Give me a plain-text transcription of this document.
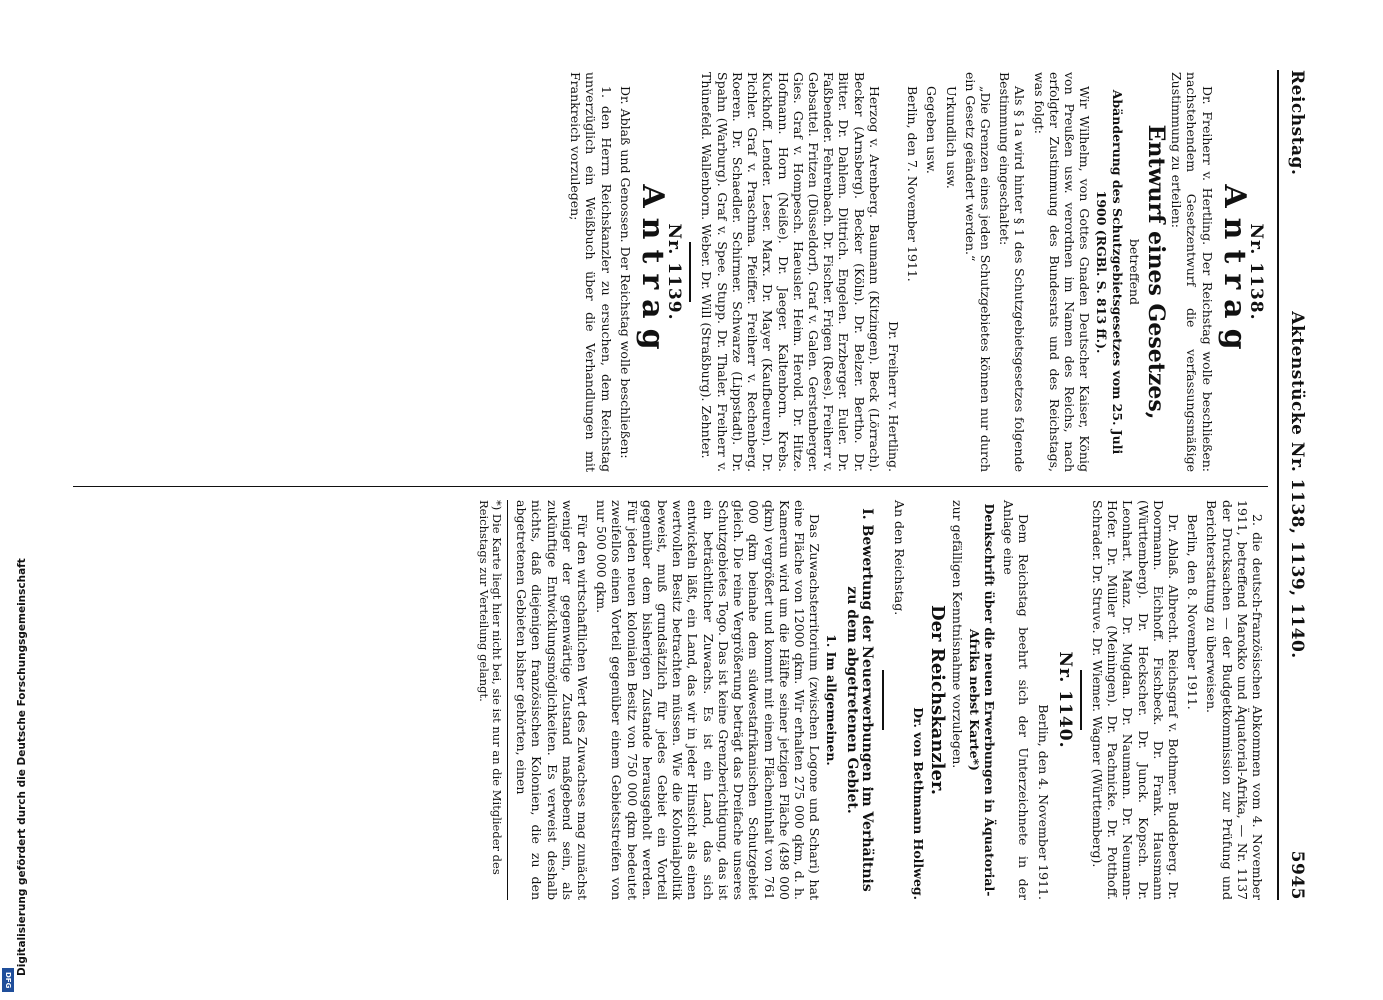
Reichstag.
Aktenstücke Nr. 1138, 1139, 1140.
5945
Nr. 1138.
Antrag

Dr. Freiherr v. Hertling. Der Reichstag wolle beschließen: nachstehendem Gesetzentwurf die verfassungsmäßige Zustimmung zu erteilen:

Entwurf eines Gesetzes,
betreffend
Abänderung des Schutzgebietsgesetzes vom 25. Juli 1900 (RGBl. S. 813 ff.).

Wir Wilhelm, von Gottes Gnaden Deutscher Kaiser, König von Preußen usw. verordnen im Namen des Reichs, nach erfolgter Zustimmung des Bundesrats und des Reichstags, was folgt:

Als § 1a wird hinter § 1 des Schutzgebietsgesetzes folgende Bestimmung eingeschaltet:

„Die Grenzen eines jeden Schutzgebietes können nur durch ein Gesetz geändert werden.“

Urkundlich usw.

Gegeben usw.

Berlin, den 7. November 1911.

Dr. Freiherr v. Hertling.

Herzog v. Arenberg. Baumann (Kitzingen). Beck (Lörrach). Becker (Arnsberg). Becker (Köln). Dr. Belzer. Bertho. Dr. Bitter. Dr. Dahlem. Dittrich. Engelen. Erzberger. Euler. Dr. Faßbender. Fehrenbach. Dr. Fischer. Frigen (Rees). Freiherr v. Gebsattel. Fritzen (Düsseldorf). Graf v. Galen. Gerstenberger. Gies. Graf v. Hompesch. Haeusler. Heim. Herold. Dr. Hitze. Hofmann. Horn (Neiße). Dr. Jaeger. Kaltenborn. Krebs. Kuckhoff. Lender. Leser. Marx. Dr. Mayer (Kaufbeuren). Dr. Pichler. Graf v. Praschma. Pfeiffer. Freiherr v. Rechenberg. Roeren. Dr. Schaedler. Schirmer. Schwarze (Lippstadt). Dr. Spahn (Warburg). Graf v. Spee. Stupp. Dr. Thaler. Freiherr v. Thünefeld. Wallenborn. Weber. Dr. Will (Straßburg). Zehnter.

Nr. 1139.
Antrag

Dr. Ablaß und Genossen. Der Reichstag wolle beschließen:

1. den Herrn Reichskanzler zu ersuchen, dem Reichstag unverzüglich ein Weißbuch über die Verhandlungen mit Frankreich vorzulegen;

2. die deutsch-französischen Abkommen vom 4. November 1911, betreffend Marokko und Äquatorial-Afrika, — Nr. 1137 der Drucksachen — der Budgetkommission zur Prüfung und Berichterstattung zu überweisen.

Berlin, den 8. November 1911.

Dr. Ablaß. Albrecht. Reichsgraf v. Bothmer. Buddeberg. Dr. Doormann. Eichhoff. Fischbeck. Dr. Frank. Hausmann (Württemberg). Dr. Heckscher. Dr. Junck. Kopsch. Dr. Leonhart. Manz. Dr. Mugdan. Dr. Naumann. Dr. Neumann-Hofer. Dr. Müller (Meiningen). Dr. Pachnicke. Dr. Potthoff. Schrader. Dr. Struve. Dr. Wiemer. Wagner (Württemberg).

Nr. 1140.
Berlin, den 4. November 1911.

Dem Reichstag beehrt sich der Unterzeichnete in der Anlage eine

Denkschrift über die neuen Erwerbungen in Äquatorial-Afrika nebst Karte*)

zur gefälligen Kenntnisnahme vorzulegen.

Der Reichskanzler.
Dr. von Bethmann Hollweg.

An den Reichstag.

I. Bewertung der Neuerwerbungen im Verhältnis zu dem abgetretenen Gebiet.
1. Im allgemeinen.

Das Zuwachsterritorium (zwischen Logone und Schari) hat eine Fläche von 12000 qkm. Wir erhalten 275 000 qkm, d. h. Kamerun wird um die Hälfte seiner jetzigen Fläche (498 000 qkm) vergrößert und kommt mit einem Flächeninhalt von 761 000 qkm beinahe dem südwestafrikanischen Schutzgebiet gleich. Die reine Vergrößerung beträgt das Dreifache unseres Schutzgebietes Togo. Das ist keine Grenzberichtigung, das ist ein beträchtlicher Zuwachs. Es ist ein Land, das sich entwickeln läßt, ein Land, das wir in jeder Hinsicht als einen wertvollen Besitz betrachten müssen. Wie die Kolonialpolitik beweist, muß grundsätzlich für jedes Gebiet ein Vorteil gegenüber dem bisherigen Zustande herausgeholt werden. Für jeden neuen kolonialen Besitz von 750 000 qkm bedeutet zweifellos einen Vorteil gegenüber einem Gebietsstreifen von nur 500 000 qkm.

Für den wirtschaftlichen Wert des Zuwachses mag zunächst weniger der gegenwärtige Zustand maßgebend sein, als zukünftige Entwicklungsmöglichkeiten. Es verweist deshalb nichts, daß diejenigen französischen Kolonien, die zu den abgetretenen Gebieten bisher gehörten, einen

*) Die Karte liegt hier nicht bei, sie ist nur an die Mitglieder des Reichstags zur Verteilung gelangt.
Digitalisierung gefördert durch die Deutsche Forschungsgemeinschaft
DFG
